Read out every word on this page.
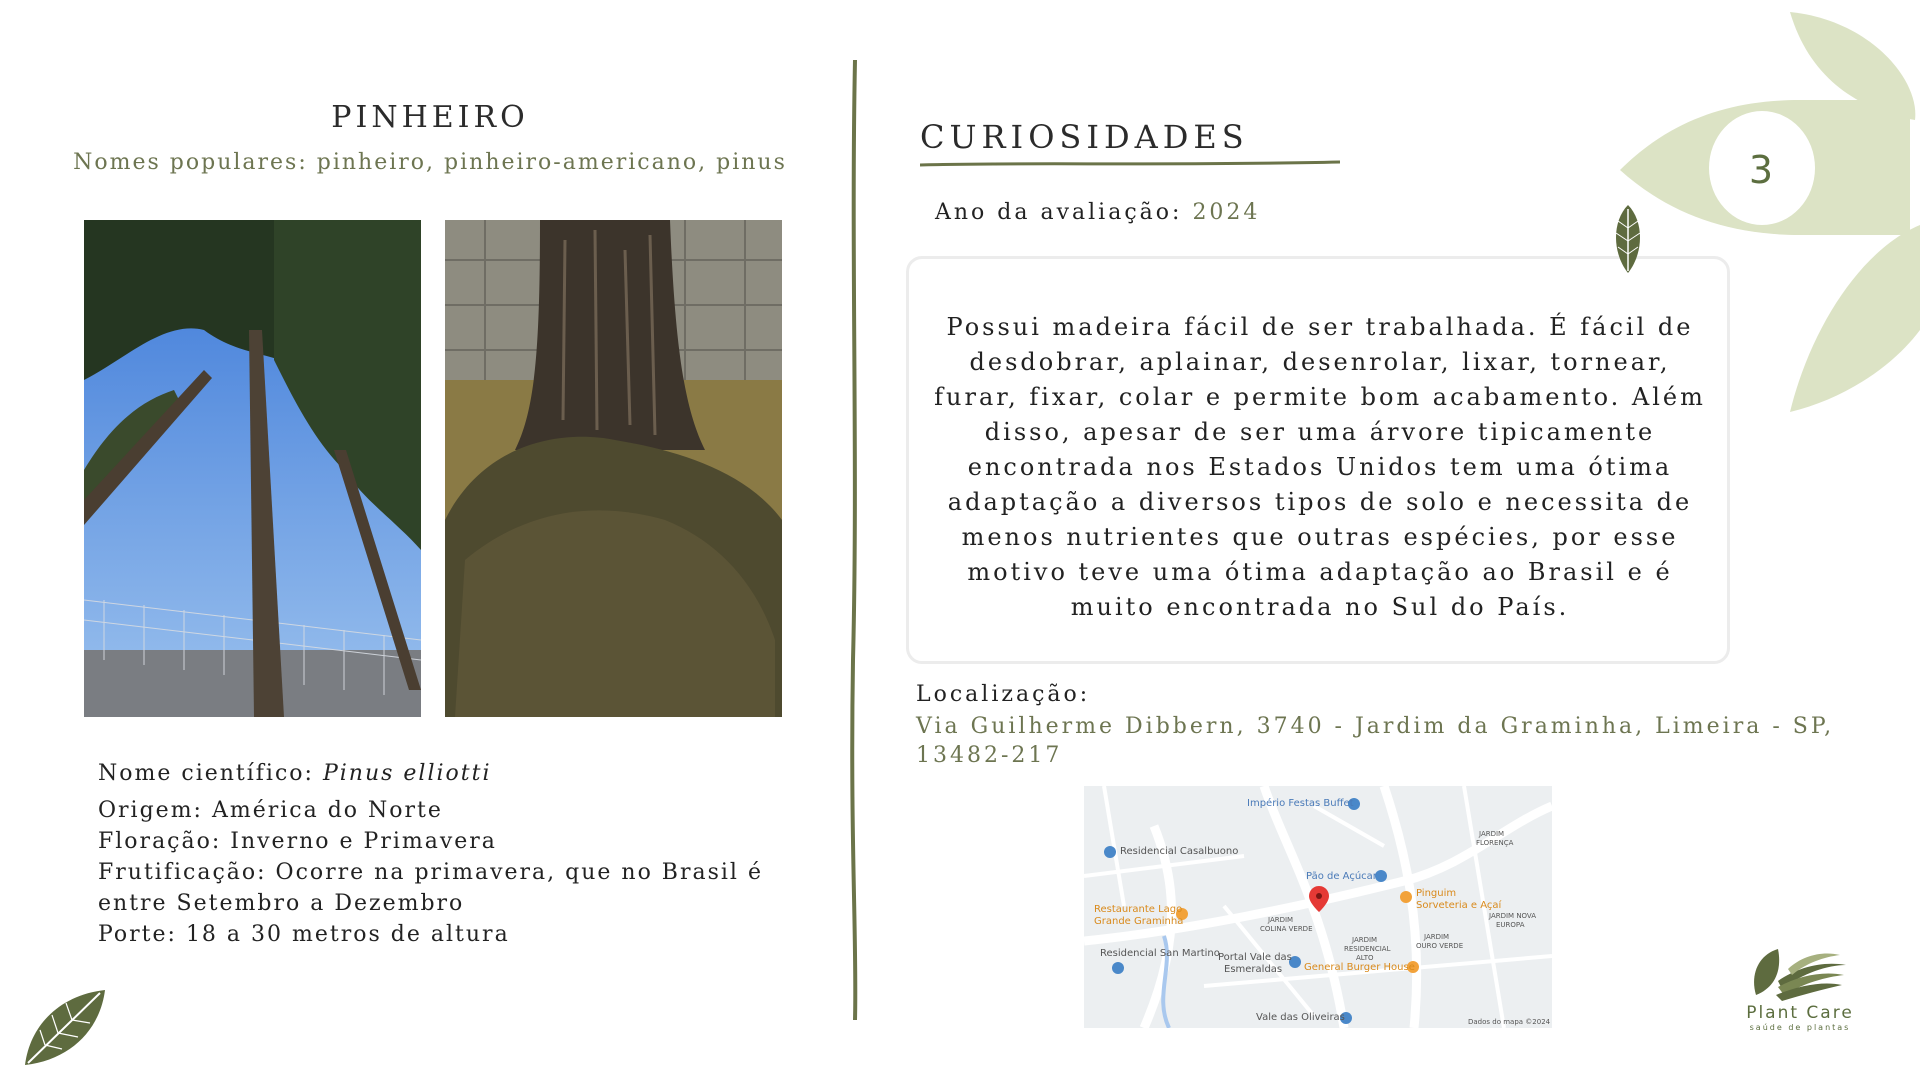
3
PINHEIRO
Nomes populares: pinheiro, pinheiro-americano, pinus
Nome científico: Pinus elliotti
Origem: América do Norte
Floração: Inverno e Primavera
Frutificação: Ocorre na primavera, que no Brasil é
entre Setembro a Dezembro
Porte: 18 a 30 metros de altura
CURIOSIDADES
Ano da avaliação: 2024
Possui madeira fácil de ser trabalhada. É fácil de desdobrar, aplainar, desenrolar, lixar, tornear, furar, fixar, colar e permite bom acabamento. Além disso, apesar de ser uma árvore tipicamente encontrada nos Estados Unidos tem uma ótima adaptação a diversos tipos de solo e necessita de menos nutrientes que outras espécies, por esse motivo teve uma ótima adaptação ao Brasil e é muito encontrada no Sul do País.
Localização:
Via Guilherme Dibbern, 3740 - Jardim da Graminha, Limeira - SP, 13482-217
Império Festas Buffet
Residencial Casalbuono
Pão de Açúcar
Pinguim
Sorveteria e Açaí
Restaurante Lago
Grande Graminha
JARDIM
FLORENÇA
JARDIM
COLINA VERDE
JARDIM NOVA
EUROPA
JARDIM
RESIDENCIAL
ALTO
JARDIM
OURO VERDE
Residencial San Martino
Portal Vale das
Esmeraldas General Burger House
Vale das Oliveiras	Dados do mapa ©2024	Plant Care
saúde de plantas
